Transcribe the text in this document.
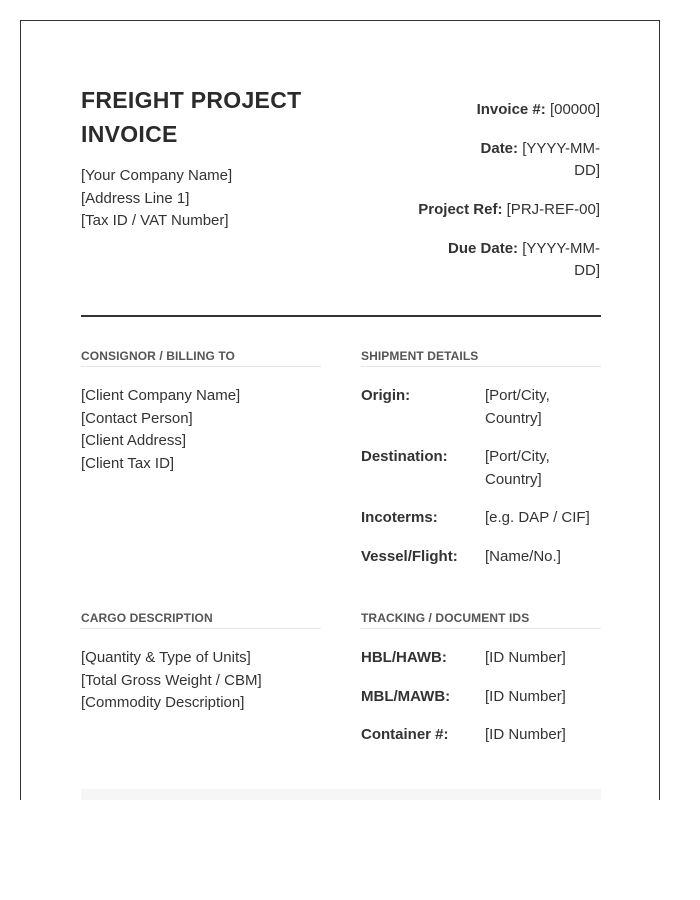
FREIGHT PROJECT INVOICE
[Your Company Name]
[Address Line 1]
[Tax ID / VAT Number]
Invoice #: [00000]
Date: [YYYY-MM-DD]
Project Ref: [PRJ-REF-00]
Due Date: [YYYY-MM-DD]
CONSIGNOR / BILLING TO
[Client Company Name]
[Contact Person]
[Client Address]
[Client Tax ID]
SHIPMENT DETAILS
Origin:	[Port/City, Country]
Destination:	[Port/City, Country]
Incoterms:	[e.g. DAP / CIF]
Vessel/Flight:	[Name/No.]
CARGO DESCRIPTION
[Quantity & Type of Units]
[Total Gross Weight / CBM]
[Commodity Description]
TRACKING / DOCUMENT IDS
HBL/HAWB:	[ID Number]
MBL/MAWB:	[ID Number]
Container #:	[ID Number]
